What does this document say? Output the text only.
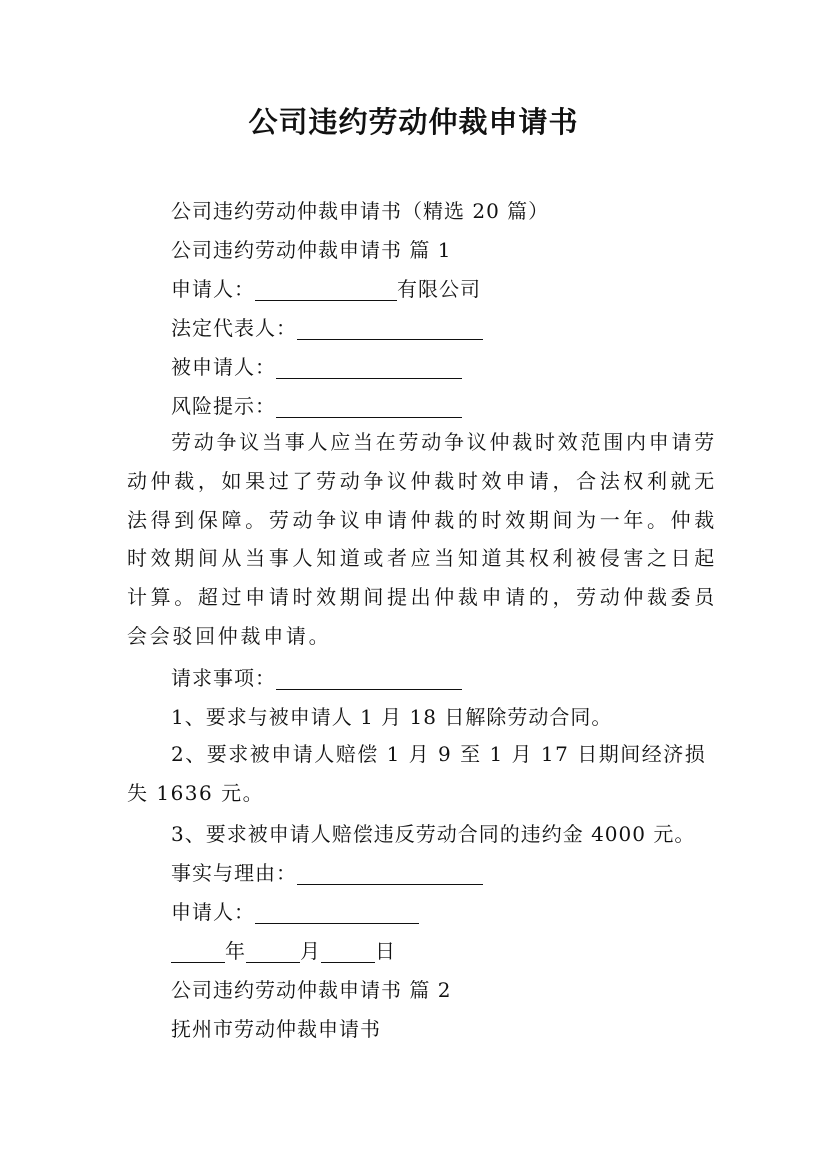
公司违约劳动仲裁申请书
公司违约劳动仲裁申请书（精选 20 篇）
公司违约劳动仲裁申请书 篇 1
申请人：	有限公司
法定代表人：
被申请人：
风险提示：
劳动争议当事人应当在劳动争议仲裁时效范围内申请劳动仲裁，如果过了劳动争议仲裁时效申请，合法权利就无法得到保障。劳动争议申请仲裁的时效期间为一年。仲裁时效期间从当事人知道或者应当知道其权利被侵害之日起计算。超过申请时效期间提出仲裁申请的，劳动仲裁委员会会驳回仲裁申请。
请求事项：
1、要求与被申请人 1 月 18 日解除劳动合同。
2、要求被申请人赔偿 1 月 9 至 1 月 17 日期间经济损失 1636 元。
3、要求被申请人赔偿违反劳动合同的违约金 4000 元。
事实与理由：
申请人：
年	月	日
公司违约劳动仲裁申请书 篇 2
抚州市劳动仲裁申请书
